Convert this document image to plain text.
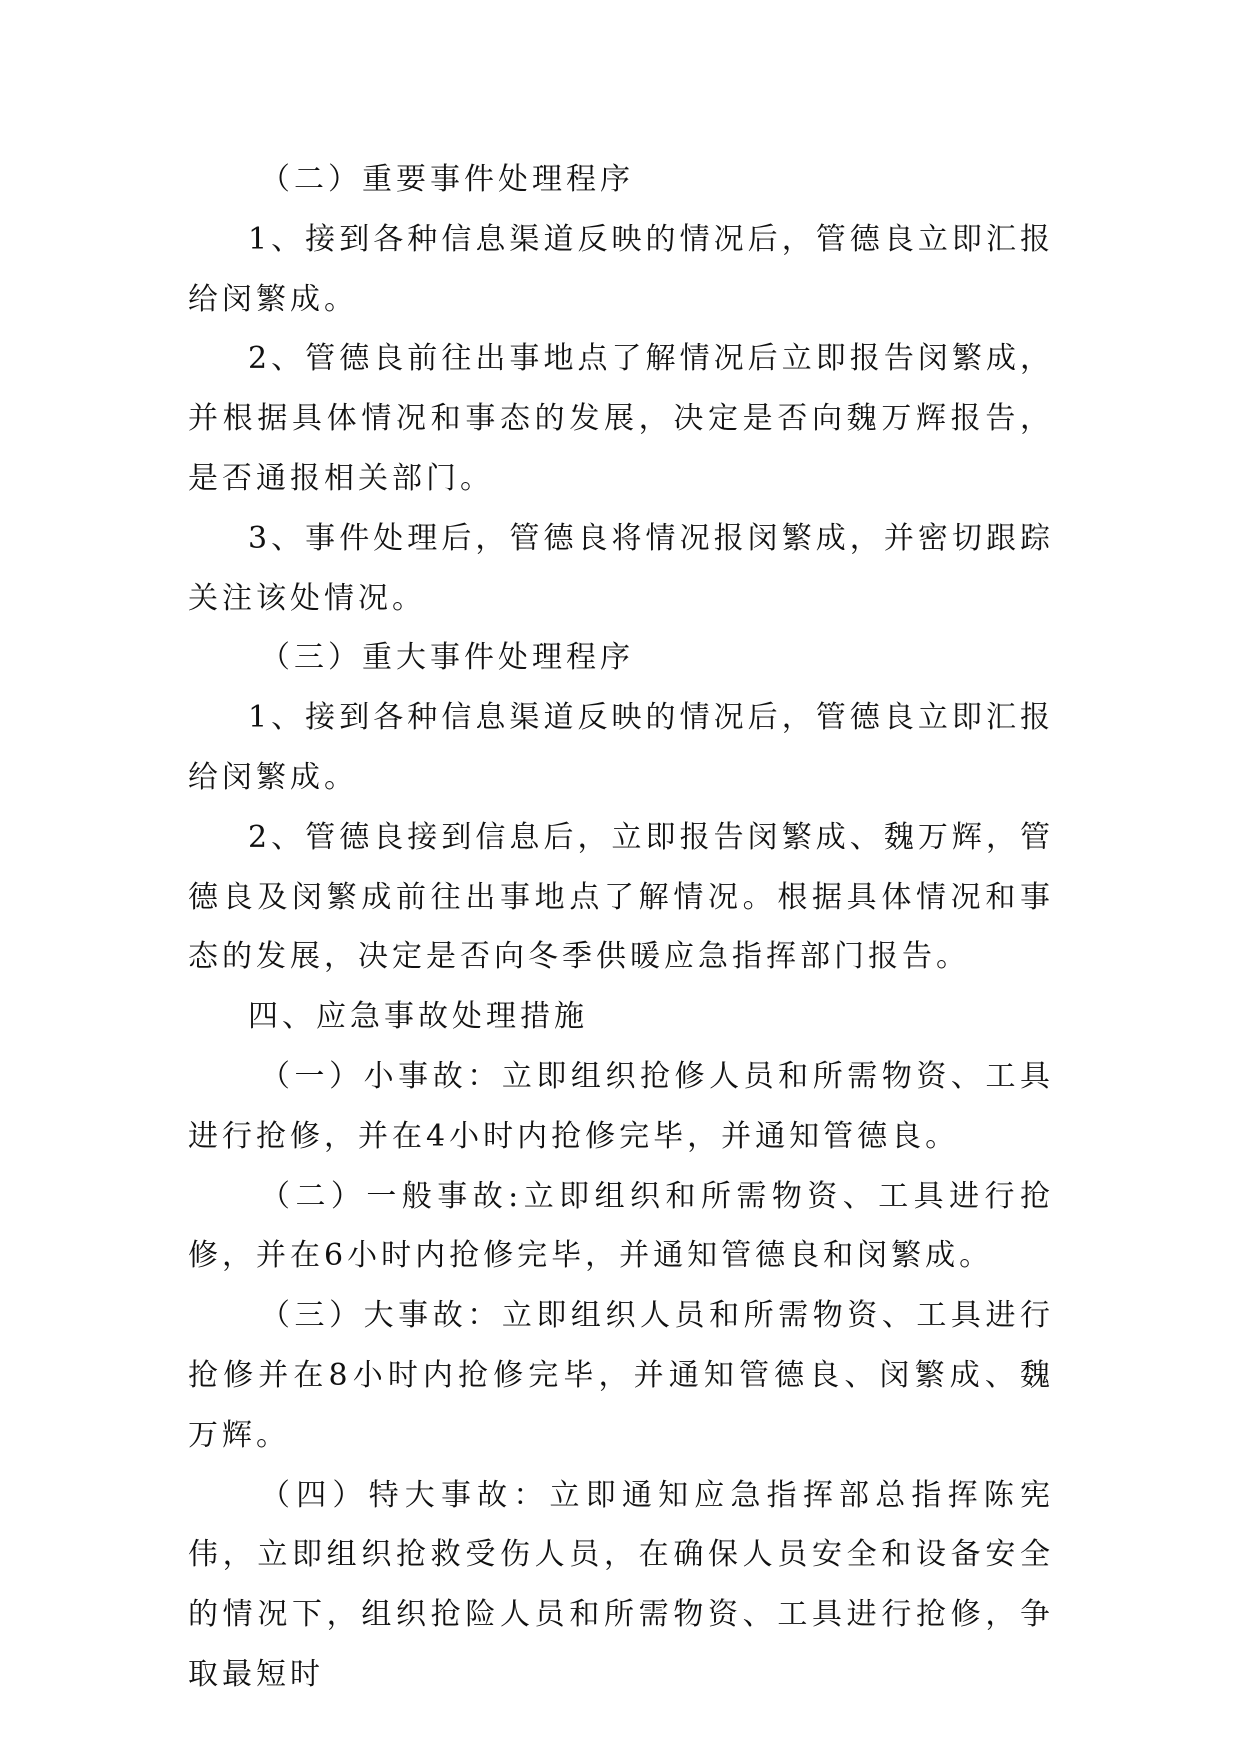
（二）重要事件处理程序

1、接到各种信息渠道反映的情况后，管德良立即汇报给闵繁成。

2、管德良前往出事地点了解情况后立即报告闵繁成，并根据具体情况和事态的发展，决定是否向魏万辉报告，是否通报相关部门。

3、事件处理后，管德良将情况报闵繁成，并密切跟踪关注该处情况。

（三）重大事件处理程序

1、接到各种信息渠道反映的情况后，管德良立即汇报给闵繁成。

2、管德良接到信息后，立即报告闵繁成、魏万辉，管德良及闵繁成前往出事地点了解情况。根据具体情况和事态的发展，决定是否向冬季供暖应急指挥部门报告。

四、应急事故处理措施

（一）小事故：立即组织抢修人员和所需物资、工具进行抢修，并在4小时内抢修完毕，并通知管德良。

（二）一般事故:立即组织和所需物资、工具进行抢修，并在6小时内抢修完毕，并通知管德良和闵繁成。

（三）大事故：立即组织人员和所需物资、工具进行抢修并在8小时内抢修完毕，并通知管德良、闵繁成、魏万辉。

（四）特大事故：立即通知应急指挥部总指挥陈宪伟，立即组织抢救受伤人员，在确保人员安全和设备安全的情况下，组织抢险人员和所需物资、工具进行抢修，争取最短时
